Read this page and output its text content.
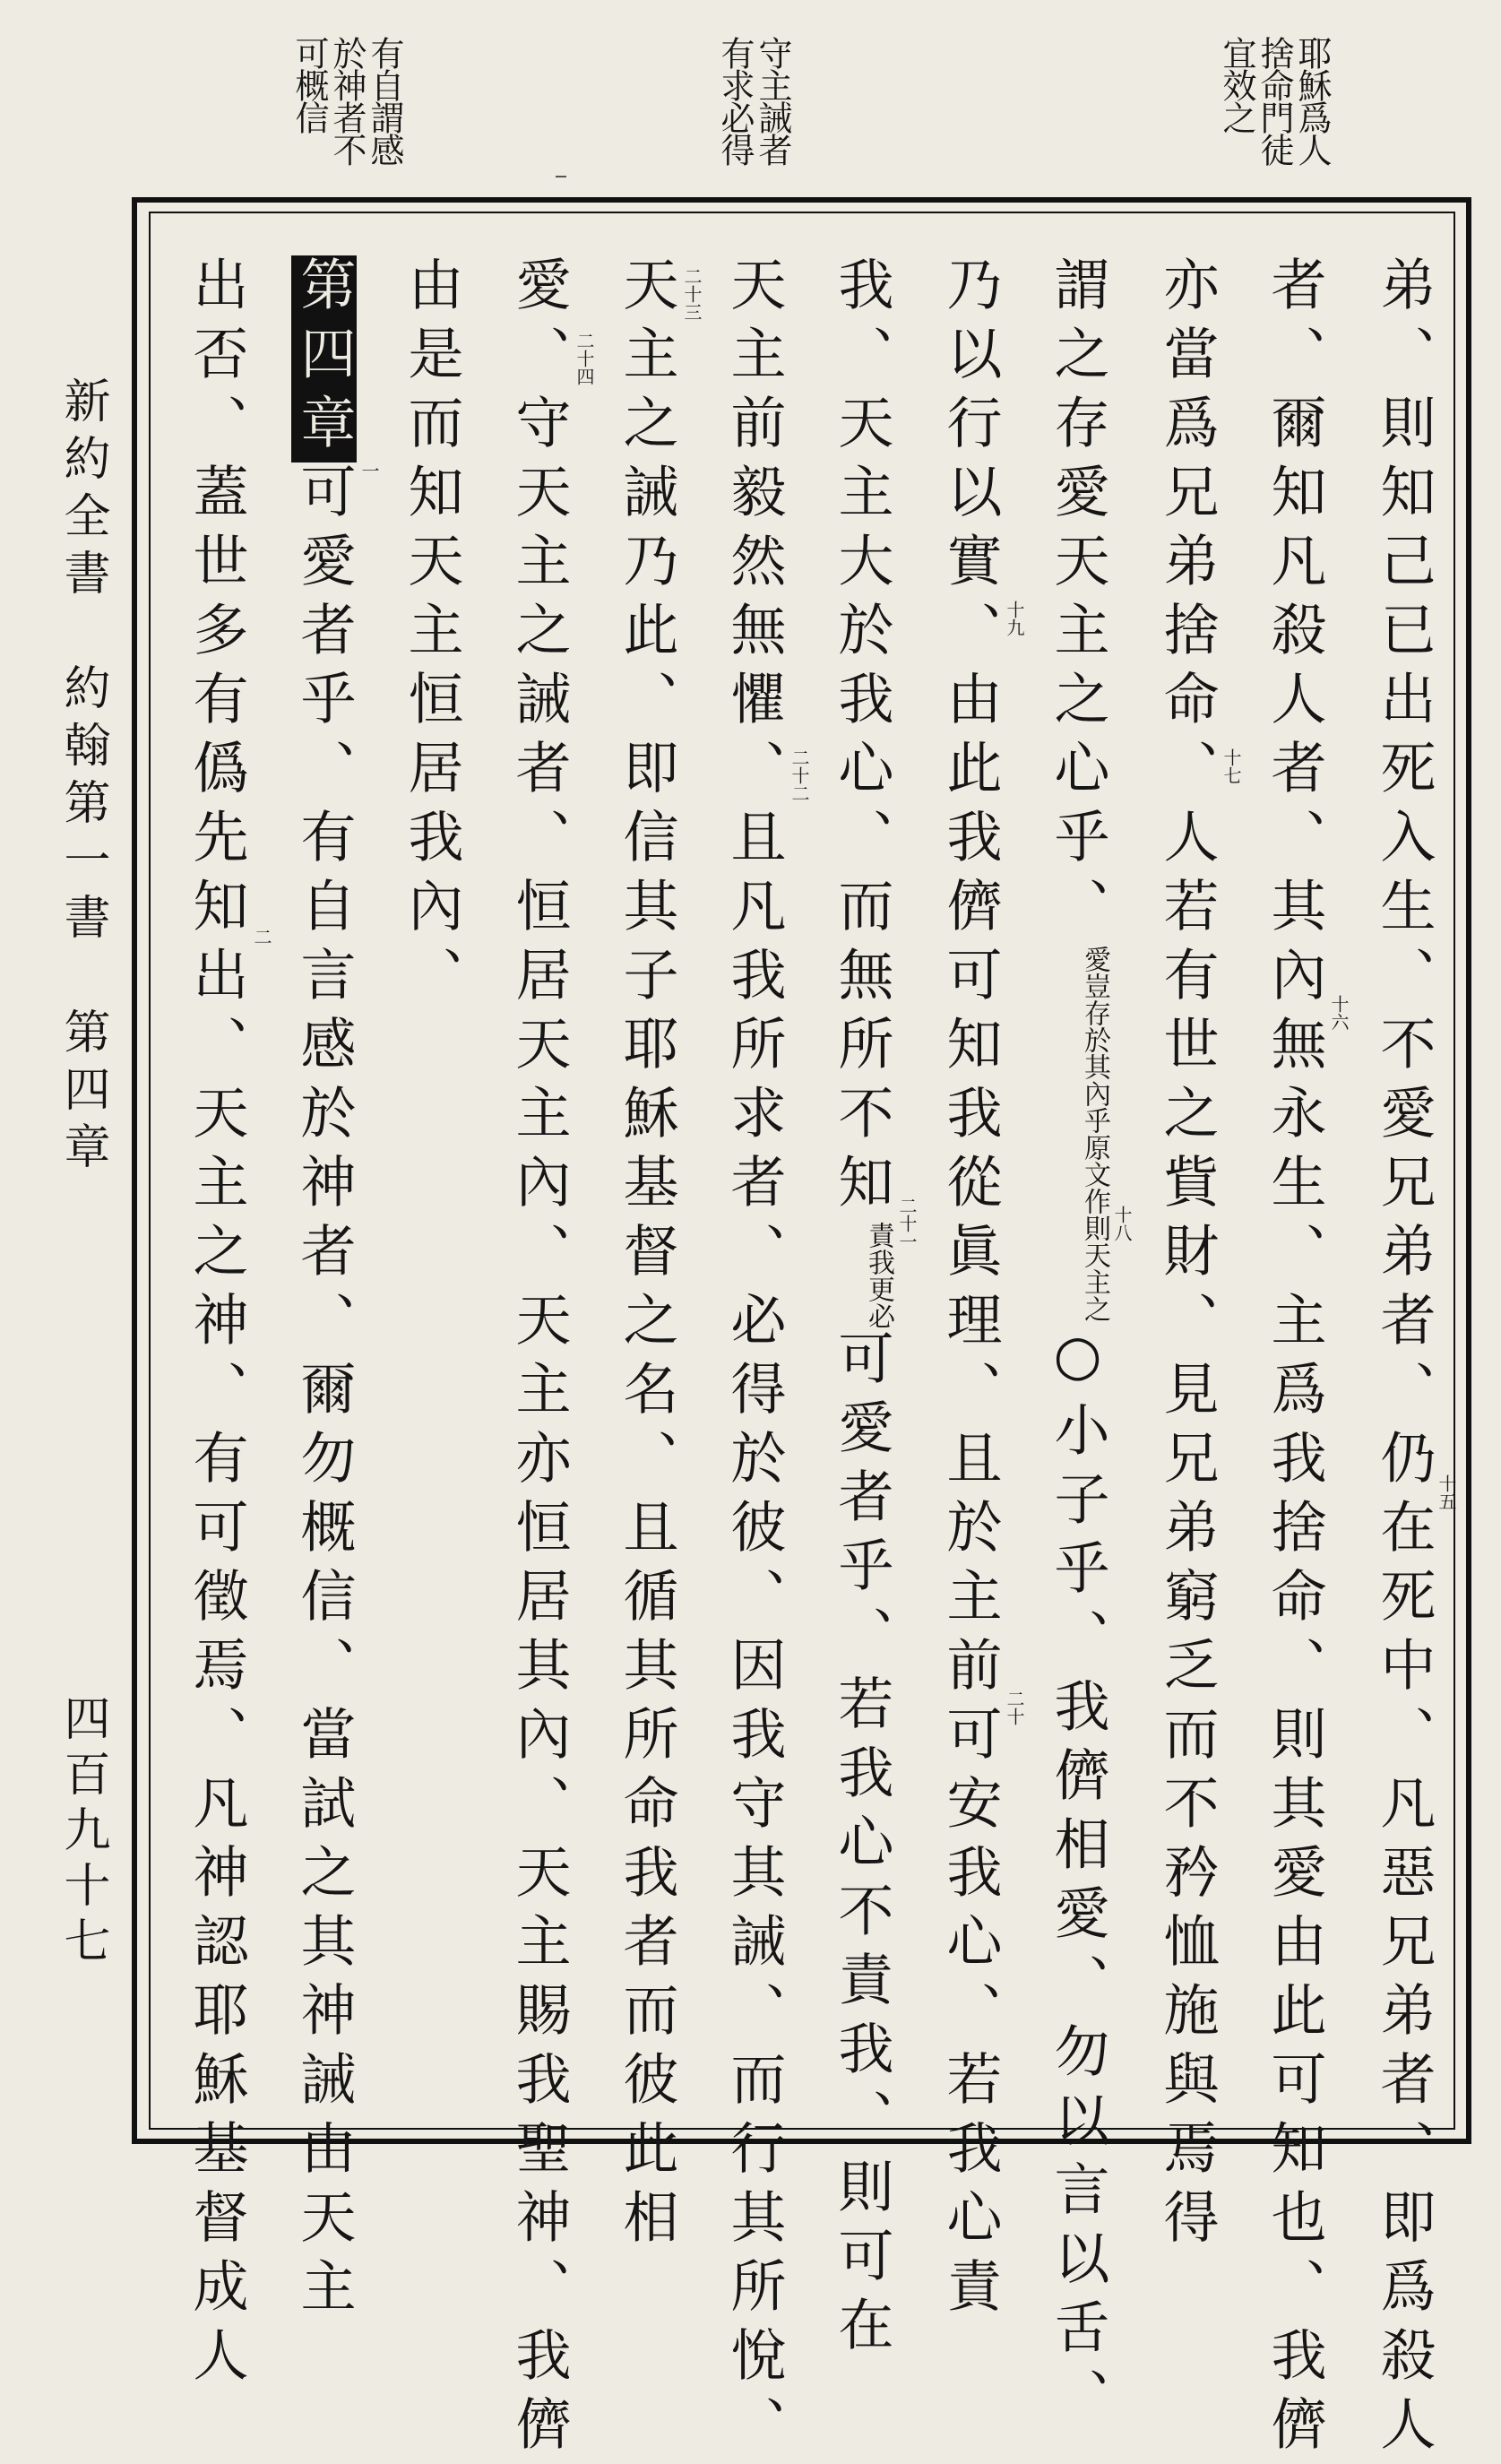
耶穌爲人
捨命門徒
宜效之
守主誡者
有求必得
有自謂感
於神者不
可概信
弟、則知己已出死入生、不愛兄弟者、仍在死中、凡惡兄弟者、即爲殺人
者、爾知凡殺人者、其內無永生、主爲我捨命、則其愛由此可知也、我儕
亦當爲兄弟捨命、人若有世之貲財、見兄弟窮乏而不矜恤施與焉得
謂之存愛天主之心乎、
原文作則天主之
愛豈存於其內乎
○小子乎、我儕相愛、勿以言以舌、
乃以行以實、由此我儕可知我從眞理、且於主前可安我心、若我心責
我、天主大於我心、而無所不知
更必
責我
可愛者乎、若我心不責我、則可在
天主前毅然無懼、且凡我所求者、必得於彼、因我守其誡、而行其所悅、
天主之誡乃此、即信其子耶穌基督之名、且循其所命我者而彼此相
愛、守天主之誡者、恒居天主內、天主亦恒居其內、天主賜我聖神、我儕
由是而知天主恒居我內、
第四章可愛者乎、有自言感於神者、爾勿概信、當試之其神誡由天主
出否、蓋世多有僞先知出、天主之神、有可徵焉、凡神認耶穌基督成人	十五
十六
十七
十八
十九
二十
二十一
二十二
二十三
二十四
一
二
新約全書　約翰第一書　第四章
四百九十七
